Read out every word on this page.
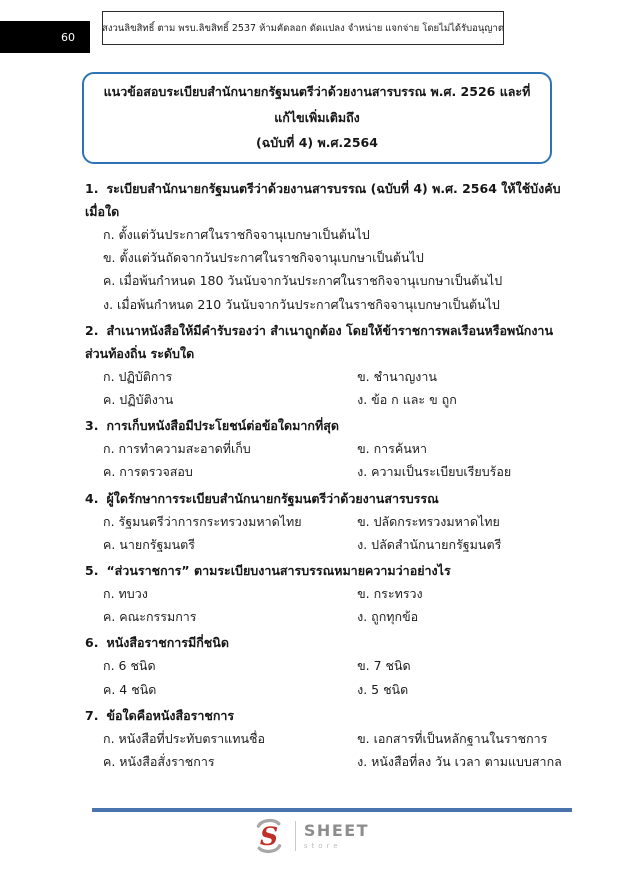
60
สงวนลิขสิทธิ์ ตาม พรบ.ลิขสิทธิ์ 2537 ห้ามคัดลอก ดัดแปลง จำหน่าย แจกจ่าย โดยไม่ได้รับอนุญาต
แนวข้อสอบระเบียบสำนักนายกรัฐมนตรีว่าด้วยงานสารบรรณ พ.ศ. 2526 และที่แก้ไขเพิ่มเติมถึง
(ฉบับที่ 4) พ.ศ.2564
1. ระเบียบสำนักนายกรัฐมนตรีว่าด้วยงานสารบรรณ (ฉบับที่ 4) พ.ศ. 2564 ให้ใช้บังคับเมื่อใด
ก. ตั้งแต่วันประกาศในราชกิจจานุเบกษาเป็นต้นไป
ข. ตั้งแต่วันถัดจากวันประกาศในราชกิจจานุเบกษาเป็นต้นไป
ค. เมื่อพ้นกำหนด 180 วันนับจากวันประกาศในราชกิจจานุเบกษาเป็นต้นไป
ง. เมื่อพ้นกำหนด 210 วันนับจากวันประกาศในราชกิจจานุเบกษาเป็นต้นไป
2. สำเนาหนังสือให้มีคำรับรองว่า สำเนาถูกต้อง โดยให้ข้าราชการพลเรือนหรือพนักงานส่วนท้องถิ่น ระดับใด
ก. ปฏิบัติการ	ข. ชำนาญงาน
ค. ปฏิบัติงาน	ง. ข้อ ก และ ข ถูก
3. การเก็บหนังสือมีประโยชน์ต่อข้อใดมากที่สุด
ก. การทำความสะอาดที่เก็บ	ข. การค้นหา
ค. การตรวจสอบ	ง. ความเป็นระเบียบเรียบร้อย
4. ผู้ใดรักษาการระเบียบสำนักนายกรัฐมนตรีว่าด้วยงานสารบรรณ
ก. รัฐมนตรีว่าการกระทรวงมหาดไทย	ข. ปลัดกระทรวงมหาดไทย
ค. นายกรัฐมนตรี	ง. ปลัดสำนักนายกรัฐมนตรี
5. “ส่วนราชการ” ตามระเบียบงานสารบรรณหมายความว่าอย่างไร
ก. ทบวง	ข. กระทรวง
ค. คณะกรรมการ	ง. ถูกทุกข้อ
6. หนังสือราชการมีกี่ชนิด
ก. 6 ชนิด	ข. 7 ชนิด
ค. 4 ชนิด	ง. 5 ชนิด
7. ข้อใดคือหนังสือราชการ
ก. หนังสือที่ประทับตราแทนชื่อ	ข. เอกสารที่เป็นหลักฐานในราชการ
ค. หนังสือสั่งราชการ	ง. หนังสือที่ลง วัน เวลา ตามแบบสากล
S SHEET
store
